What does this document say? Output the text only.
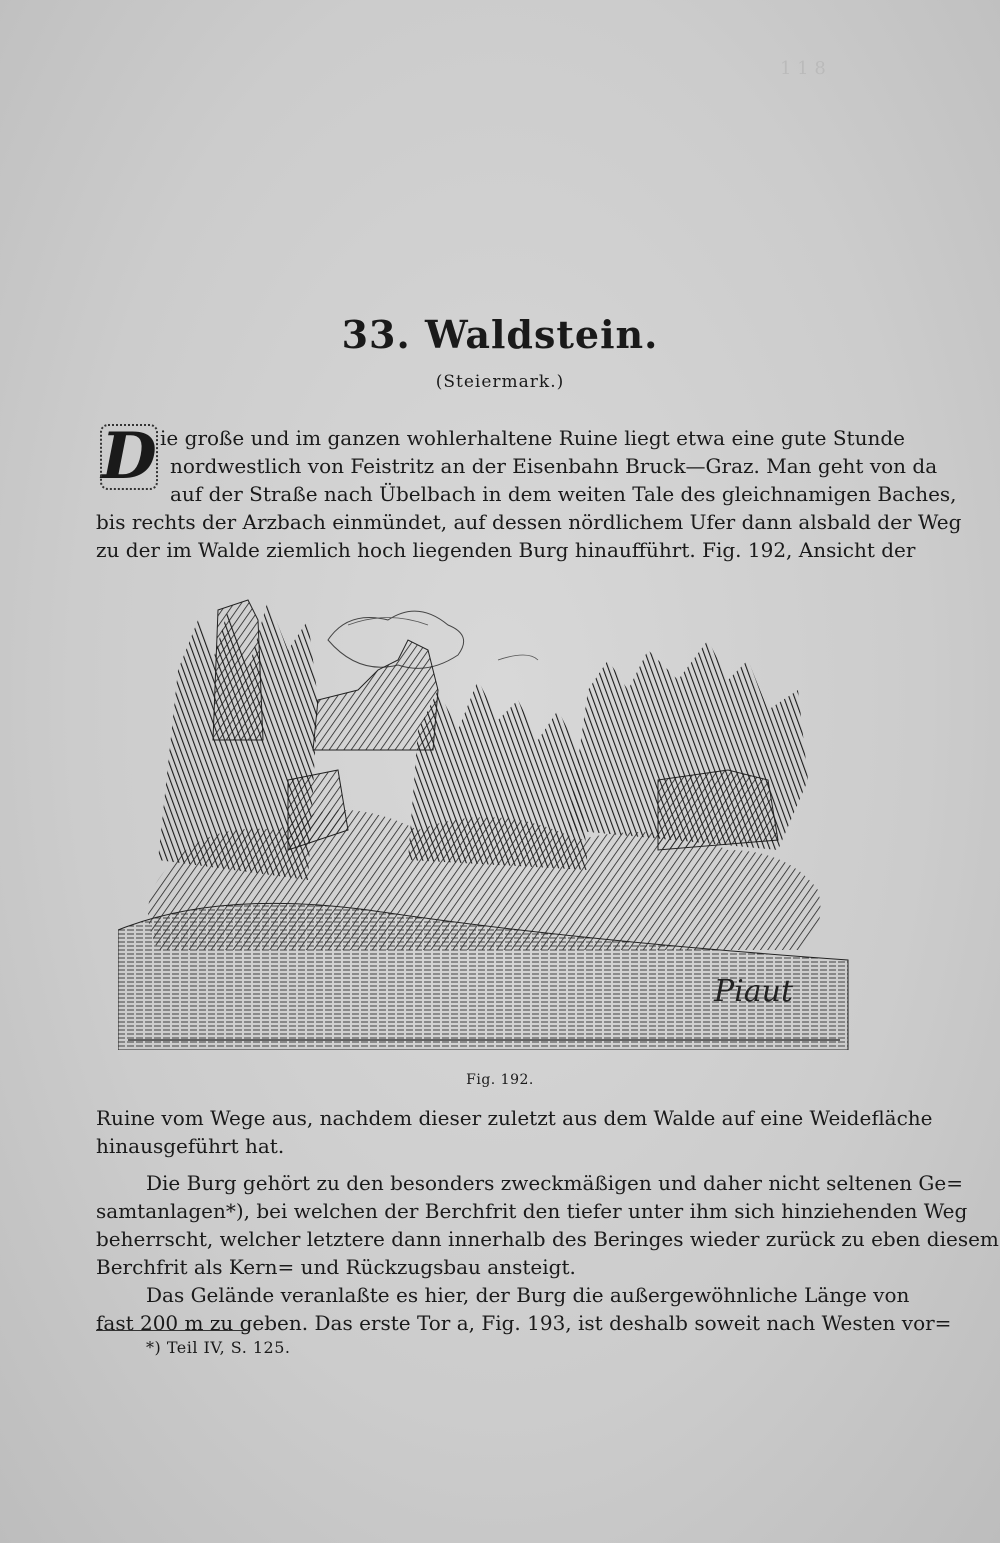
1 1 8
33. Waldstein.
(Steiermark.)
D ie große und im ganzen wohlerhaltene Ruine liegt etwa eine gute Stunde
nordwestlich von Feistritz an der Eisenbahn Bruck—Graz. Man geht von da
auf der Straße nach Übelbach in dem weiten Tale des gleichnamigen Baches,
bis rechts der Arzbach einmündet, auf dessen nördlichem Ufer dann alsbald der Weg
zu der im Walde ziemlich hoch liegenden Burg hinaufführt. Fig. 192, Ansicht der
Piaut
Fig. 192.
Ruine vom Wege aus, nachdem dieser zuletzt aus dem Walde auf eine Weidefläche
hinausgeführt hat.
Die Burg gehört zu den besonders zweckmäßigen und daher nicht seltenen Ge=
samtanlagen*), bei welchen der Berchfrit den tiefer unter ihm sich hinziehenden Weg
beherrscht, welcher letztere dann innerhalb des Beringes wieder zurück zu eben diesem
Berchfrit als Kern= und Rückzugsbau ansteigt.
Das Gelände veranlaßte es hier, der Burg die außergewöhnliche Länge von
fast 200 m zu geben. Das erste Tor a, Fig. 193, ist deshalb soweit nach Westen vor=
*) Teil IV, S. 125.
